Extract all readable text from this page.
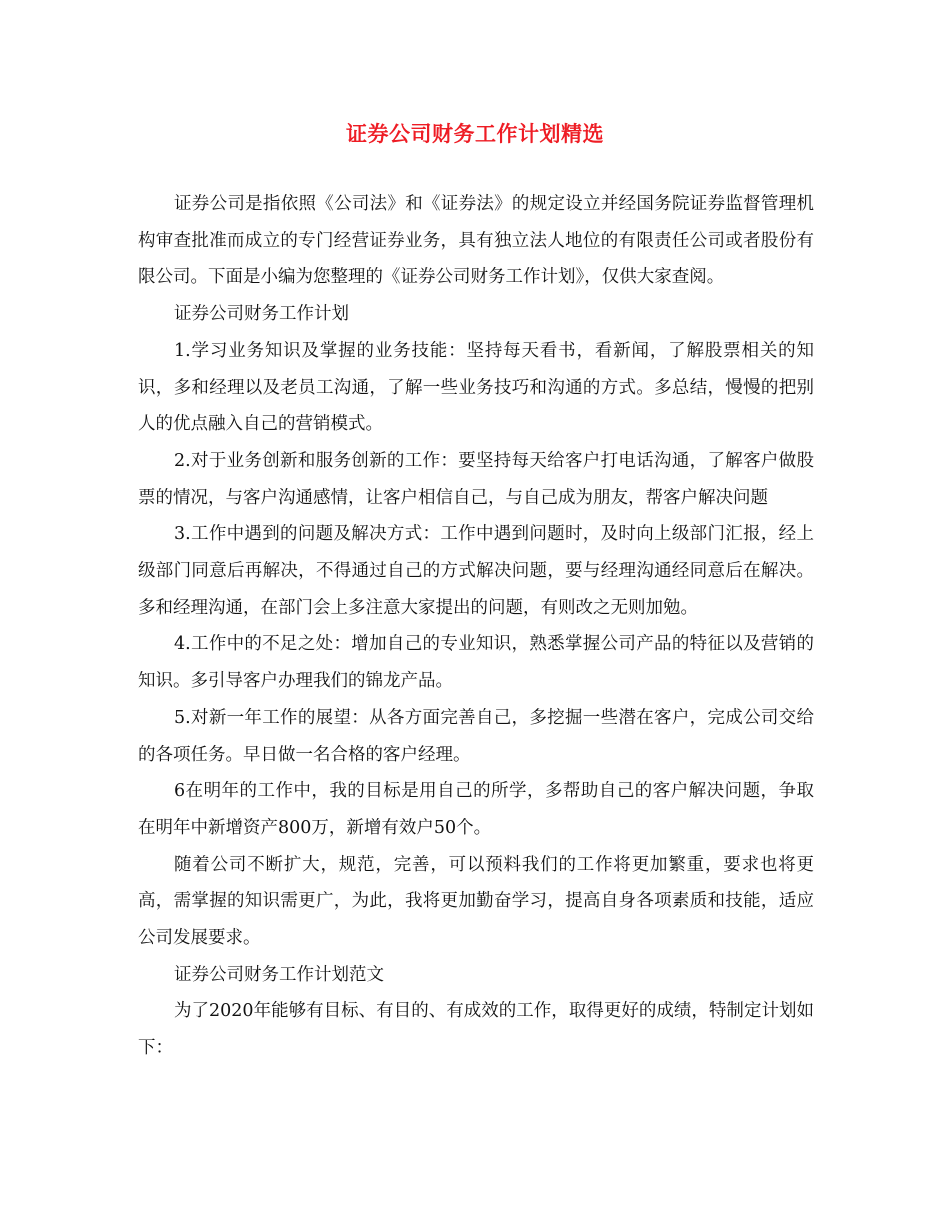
证券公司财务工作计划精选

证券公司是指依照《公司法》和《证券法》的规定设立并经国务院证券监督管理机构审查批准而成立的专门经营证券业务，具有独立法人地位的有限责任公司或者股份有限公司。下面是小编为您整理的《证券公司财务工作计划》，仅供大家查阅。

证券公司财务工作计划

1.学习业务知识及掌握的业务技能：坚持每天看书，看新闻，了解股票相关的知识，多和经理以及老员工沟通，了解一些业务技巧和沟通的方式。多总结，慢慢的把别人的优点融入自己的营销模式。

2.对于业务创新和服务创新的工作：要坚持每天给客户打电话沟通，了解客户做股票的情况，与客户沟通感情，让客户相信自己，与自己成为朋友，帮客户解决问题

3.工作中遇到的问题及解决方式：工作中遇到问题时，及时向上级部门汇报，经上级部门同意后再解决，不得通过自己的方式解决问题，要与经理沟通经同意后在解决。多和经理沟通，在部门会上多注意大家提出的问题，有则改之无则加勉。

4.工作中的不足之处：增加自己的专业知识，熟悉掌握公司产品的特征以及营销的知识。多引导客户办理我们的锦龙产品。

5.对新一年工作的展望：从各方面完善自己，多挖掘一些潜在客户，完成公司交给的各项任务。早日做一名合格的客户经理。

6在明年的工作中，我的目标是用自己的所学，多帮助自己的客户解决问题，争取在明年中新增资产800万，新增有效户50个。

随着公司不断扩大，规范，完善，可以预料我们的工作将更加繁重，要求也将更高，需掌握的知识需更广，为此，我将更加勤奋学习，提高自身各项素质和技能，适应公司发展要求。

证券公司财务工作计划范文

为了2020年能够有目标、有目的、有成效的工作，取得更好的成绩，特制定计划如下：
